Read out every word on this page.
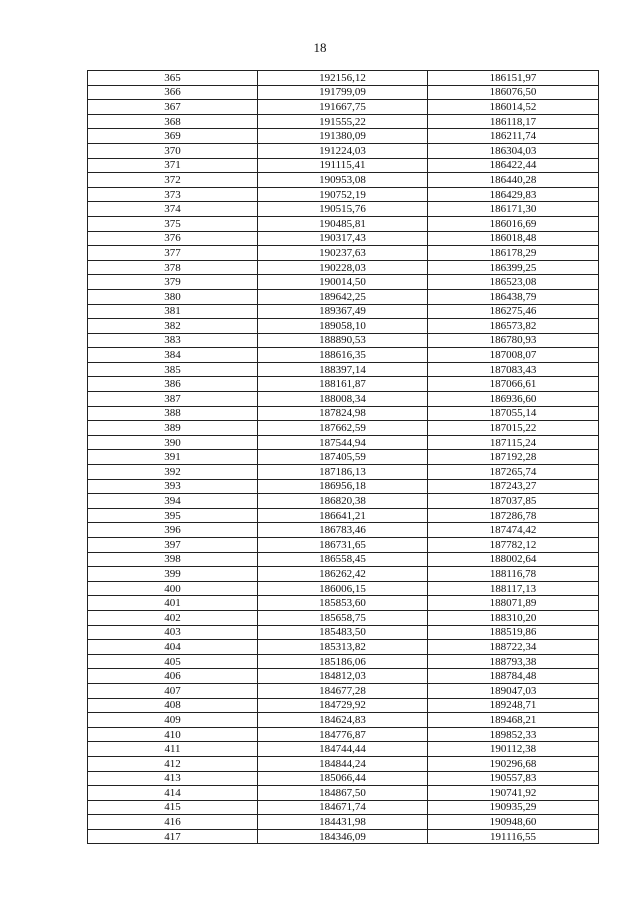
18
365	192156,12	186151,97
366	191799,09	186076,50
367	191667,75	186014,52
368	191555,22	186118,17
369	191380,09	186211,74
370	191224,03	186304,03
371	191115,41	186422,44
372	190953,08	186440,28
373	190752,19	186429,83
374	190515,76	186171,30
375	190485,81	186016,69
376	190317,43	186018,48
377	190237,63	186178,29
378	190228,03	186399,25
379	190014,50	186523,08
380	189642,25	186438,79
381	189367,49	186275,46
382	189058,10	186573,82
383	188890,53	186780,93
384	188616,35	187008,07
385	188397,14	187083,43
386	188161,87	187066,61
387	188008,34	186936,60
388	187824,98	187055,14
389	187662,59	187015,22
390	187544,94	187115,24
391	187405,59	187192,28
392	187186,13	187265,74
393	186956,18	187243,27
394	186820,38	187037,85
395	186641,21	187286,78
396	186783,46	187474,42
397	186731,65	187782,12
398	186558,45	188002,64
399	186262,42	188116,78
400	186006,15	188117,13
401	185853,60	188071,89
402	185658,75	188310,20
403	185483,50	188519,86
404	185313,82	188722,34
405	185186,06	188793,38
406	184812,03	188784,48
407	184677,28	189047,03
408	184729,92	189248,71
409	184624,83	189468,21
410	184776,87	189852,33
411	184744,44	190112,38
412	184844,24	190296,68
413	185066,44	190557,83
414	184867,50	190741,92
415	184671,74	190935,29
416	184431,98	190948,60
417	184346,09	191116,55
